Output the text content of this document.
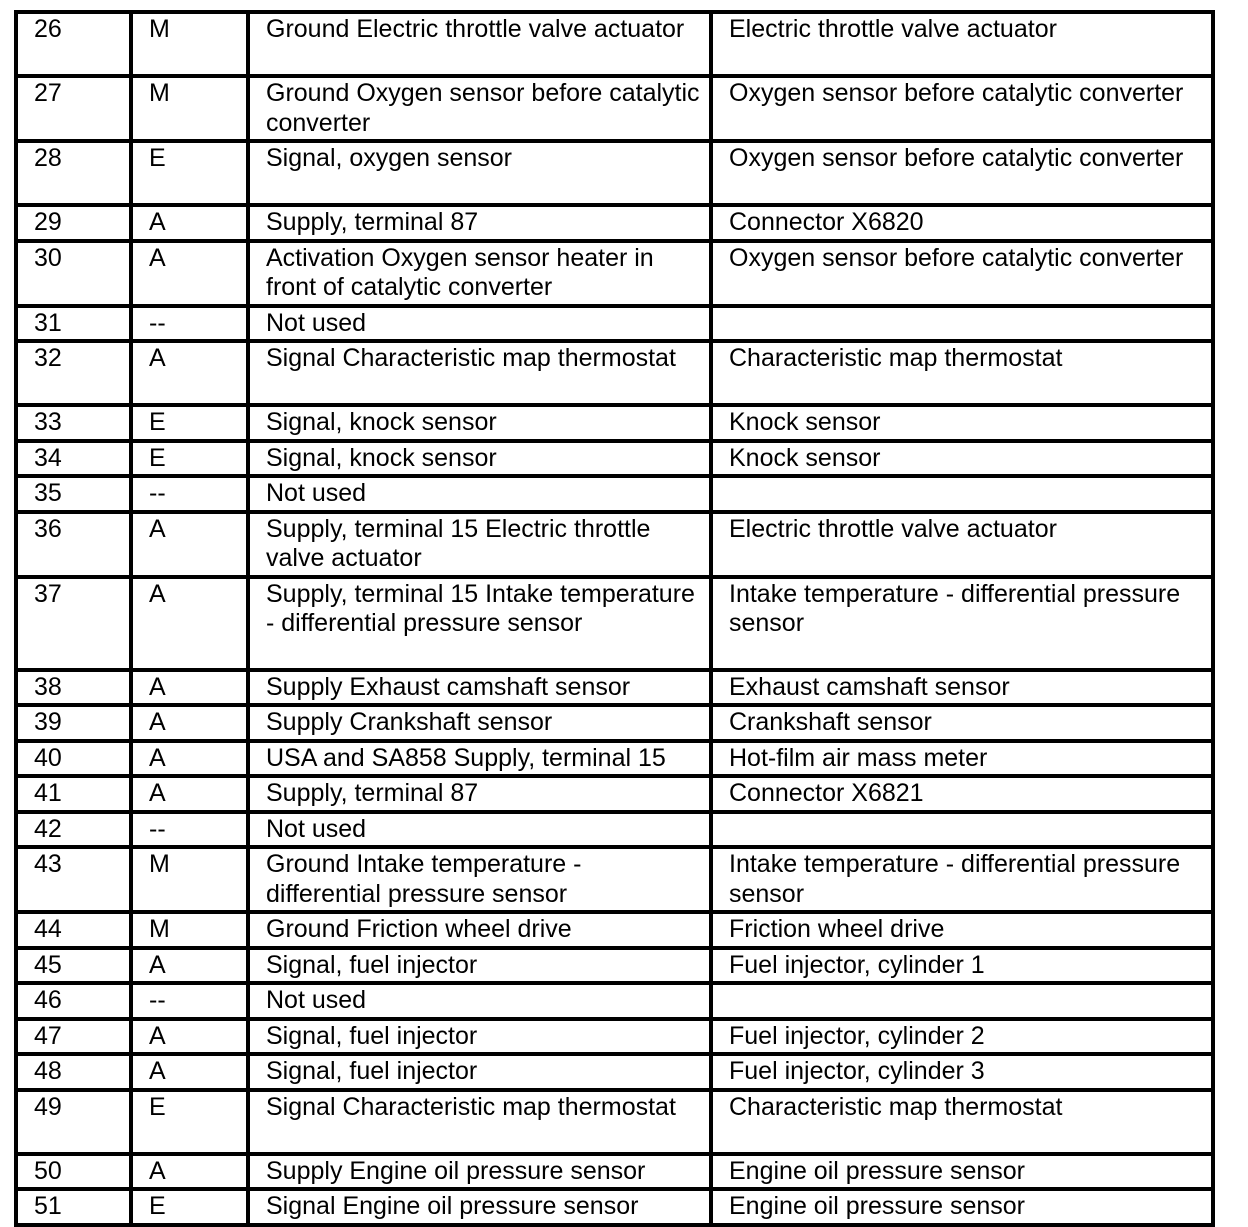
26	M	Ground Electric throttle valve actuator	Electric throttle valve actuator
27	M	Ground Oxygen sensor before catalytic converter	Oxygen sensor before catalytic converter
28	E	Signal, oxygen sensor	Oxygen sensor before catalytic converter
29	A	Supply, terminal 87	Connector X6820
30	A	Activation Oxygen sensor heater in front of catalytic converter	Oxygen sensor before catalytic converter
31	--	Not used	
32	A	Signal Characteristic map thermostat	Characteristic map thermostat
33	E	Signal, knock sensor	Knock sensor
34	E	Signal, knock sensor	Knock sensor
35	--	Not used	
36	A	Supply, terminal 15 Electric throttle valve actuator	Electric throttle valve actuator
37	A	Supply, terminal 15 Intake temperature - differential pressure sensor	Intake temperature - differential pressure sensor
38	A	Supply Exhaust camshaft sensor	Exhaust camshaft sensor
39	A	Supply Crankshaft sensor	Crankshaft sensor
40	A	USA and SA858 Supply, terminal 15	Hot-film air mass meter
41	A	Supply, terminal 87	Connector X6821
42	--	Not used	
43	M	Ground Intake temperature - differential pressure sensor	Intake temperature - differential pressure sensor
44	M	Ground Friction wheel drive	Friction wheel drive
45	A	Signal, fuel injector	Fuel injector, cylinder 1
46	--	Not used	
47	A	Signal, fuel injector	Fuel injector, cylinder 2
48	A	Signal, fuel injector	Fuel injector, cylinder 3
49	E	Signal Characteristic map thermostat	Characteristic map thermostat
50	A	Supply Engine oil pressure sensor	Engine oil pressure sensor
51	E	Signal Engine oil pressure sensor	Engine oil pressure sensor
